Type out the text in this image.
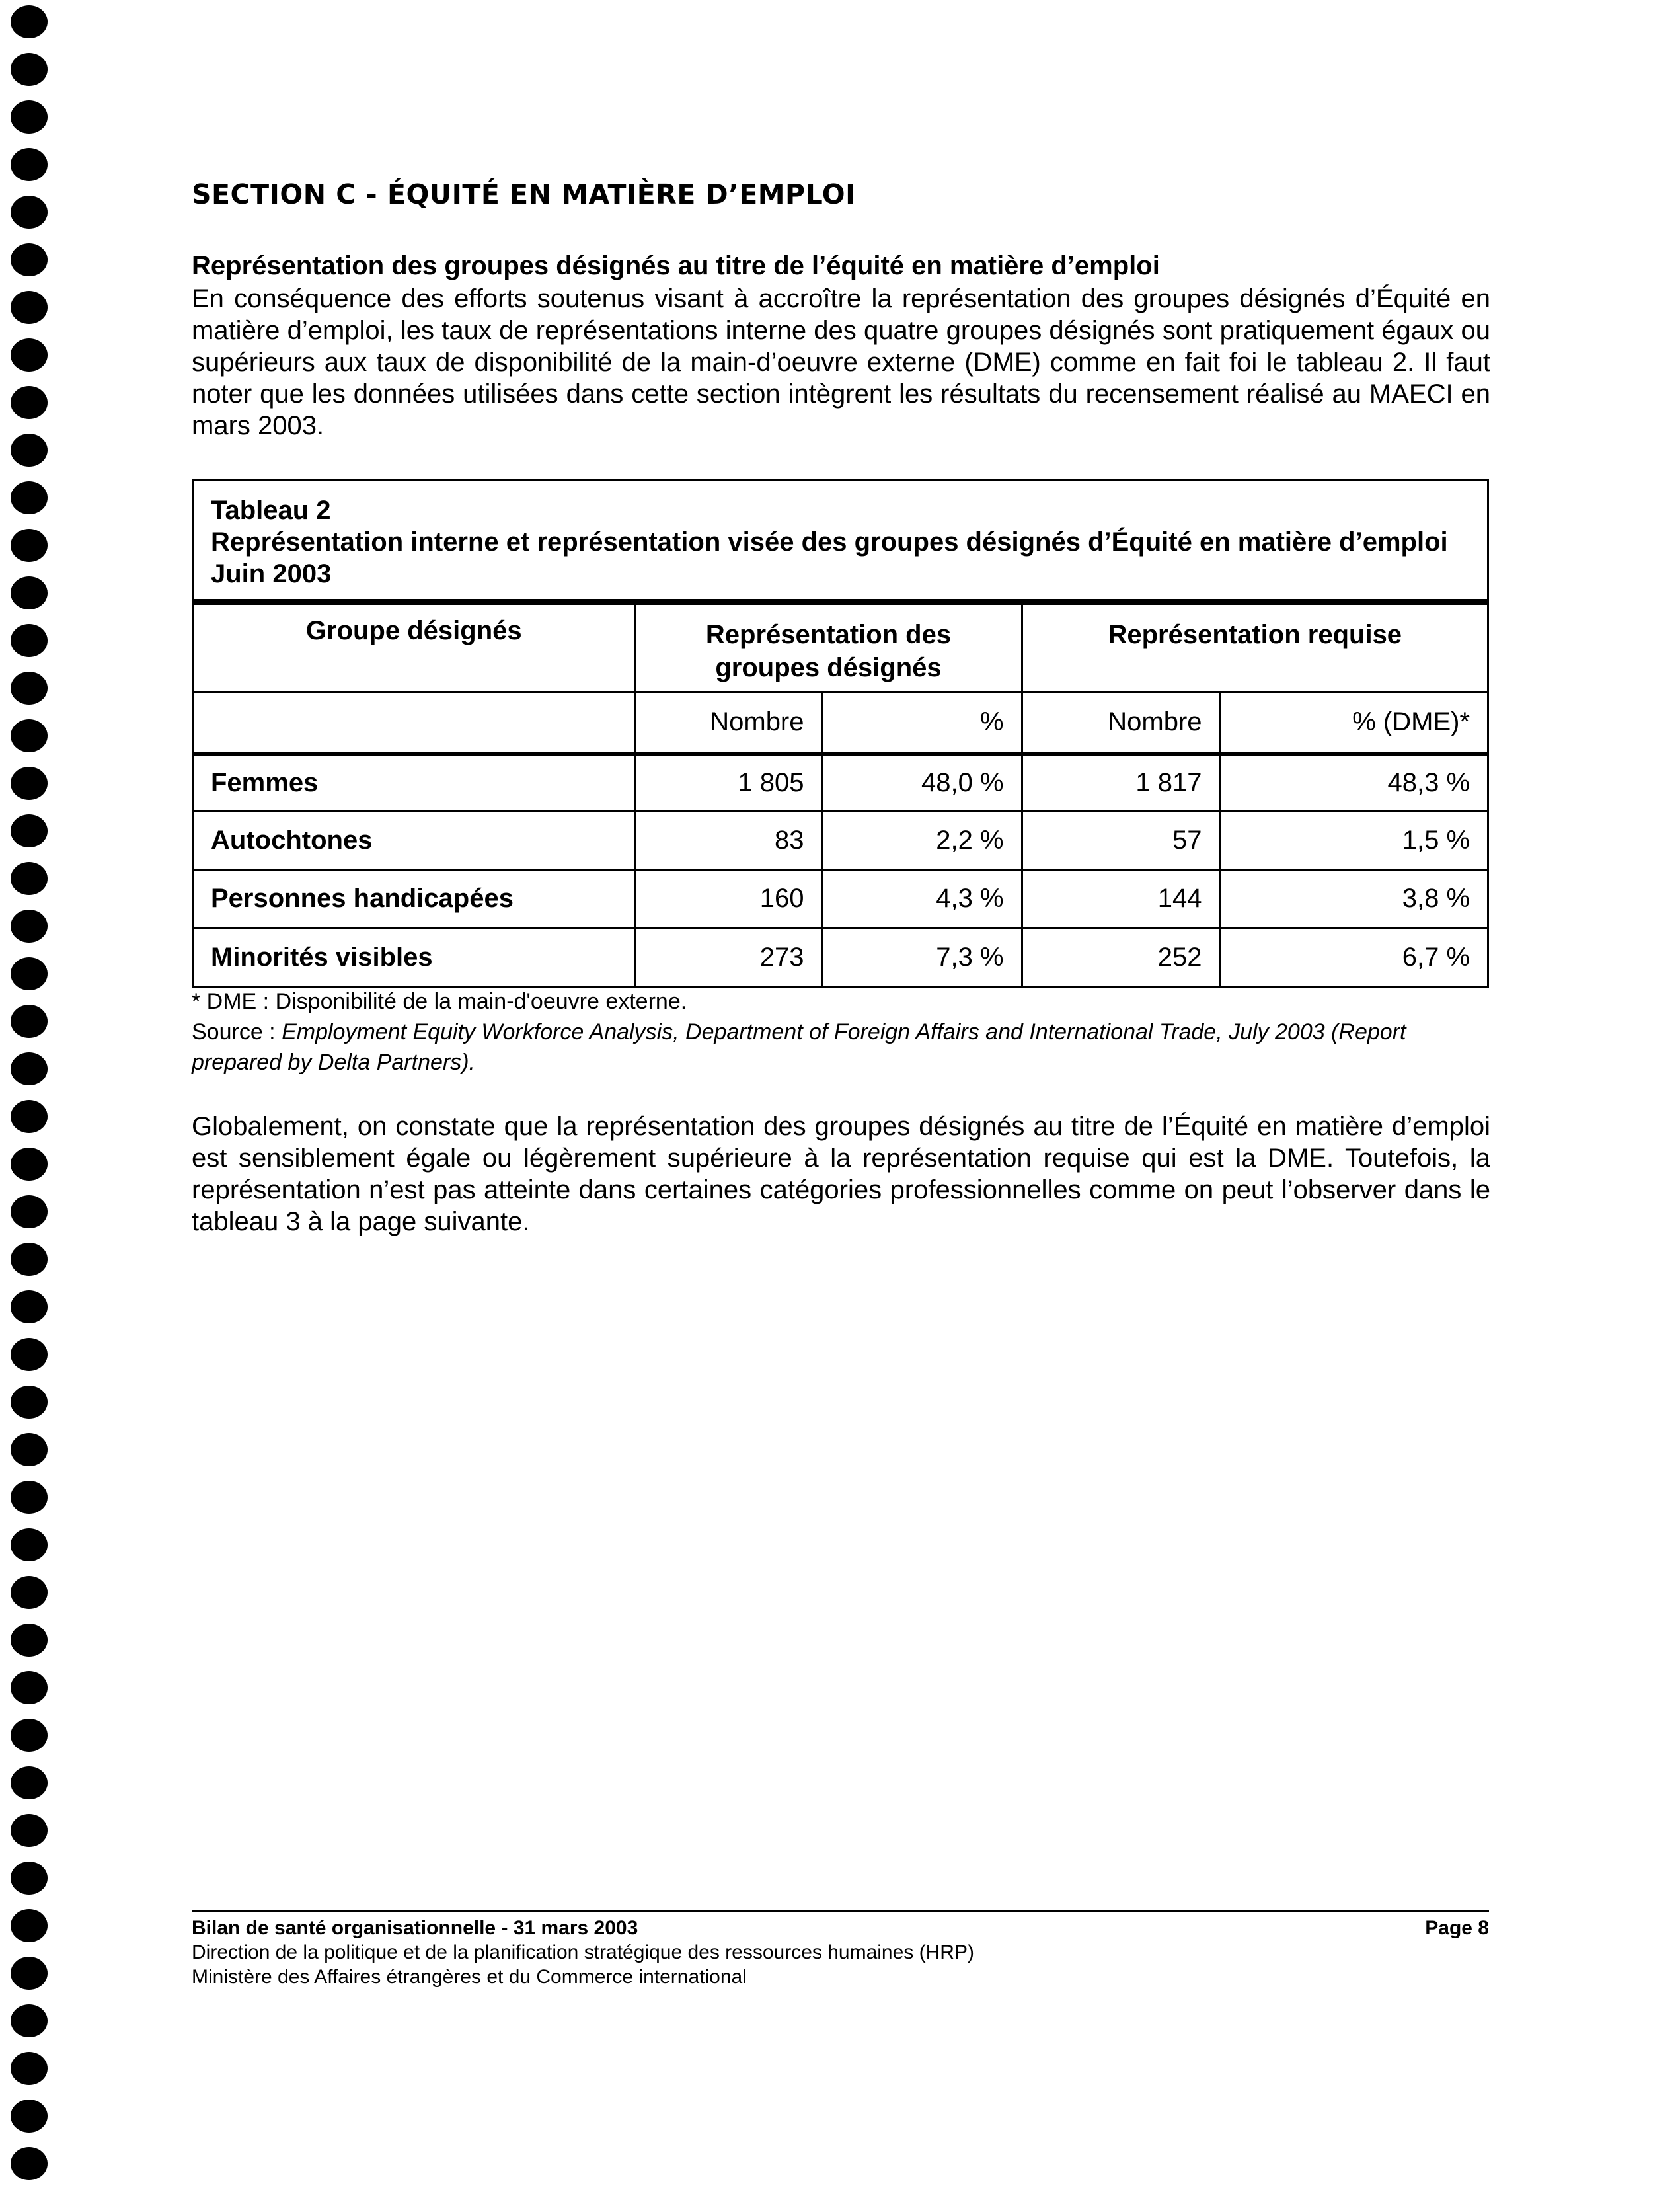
SECTION C - ÉQUITÉ EN MATIÈRE D’EMPLOI
Représentation des groupes désignés au titre de l’équité en matière d’emploi
En conséquence des efforts soutenus visant à accroître la représentation des groupes désignés d’Équité en matière d’emploi, les taux de représentations interne des quatre groupes désignés sont pratiquement égaux ou supérieurs aux taux de disponibilité de la main-d’oeuvre externe (DME) comme en fait foi le tableau 2. Il faut noter que les données utilisées dans cette section intègrent les résultats du recensement réalisé au MAECI en mars 2003.
Tableau 2
Représentation interne et représentation visée des groupes désignés d’Équité en matière d’emploi Juin 2003
Groupe désignés	Représentation des groupes désignés		Représentation requise	
	Nombre	%	Nombre	% (DME)*
Femmes	1 805	48,0 %	1 817	48,3 %
Autochtones	83	2,2 %	57	1,5 %
Personnes handicapées	160	4,3 %	144	3,8 %
Minorités visibles	273	7,3 %	252	6,7 %
* DME : Disponibilité de la main-d'oeuvre externe.
Source : Employment Equity Workforce Analysis, Department of Foreign Affairs and International Trade, July 2003 (Report prepared by Delta Partners).
Globalement, on constate que la représentation des groupes désignés au titre de l’Équité en matière d’emploi est sensiblement égale ou légèrement supérieure à la représentation requise qui est la DME. Toutefois, la représentation n’est pas atteinte dans certaines catégories professionnelles comme on peut l’observer dans le tableau 3 à la page suivante.
Bilan de santé organisationnelle - 31 mars 2003
Direction de la politique et de la planification stratégique des ressources humaines (HRP)
Ministère des Affaires étrangères et du Commerce international
Page 8
